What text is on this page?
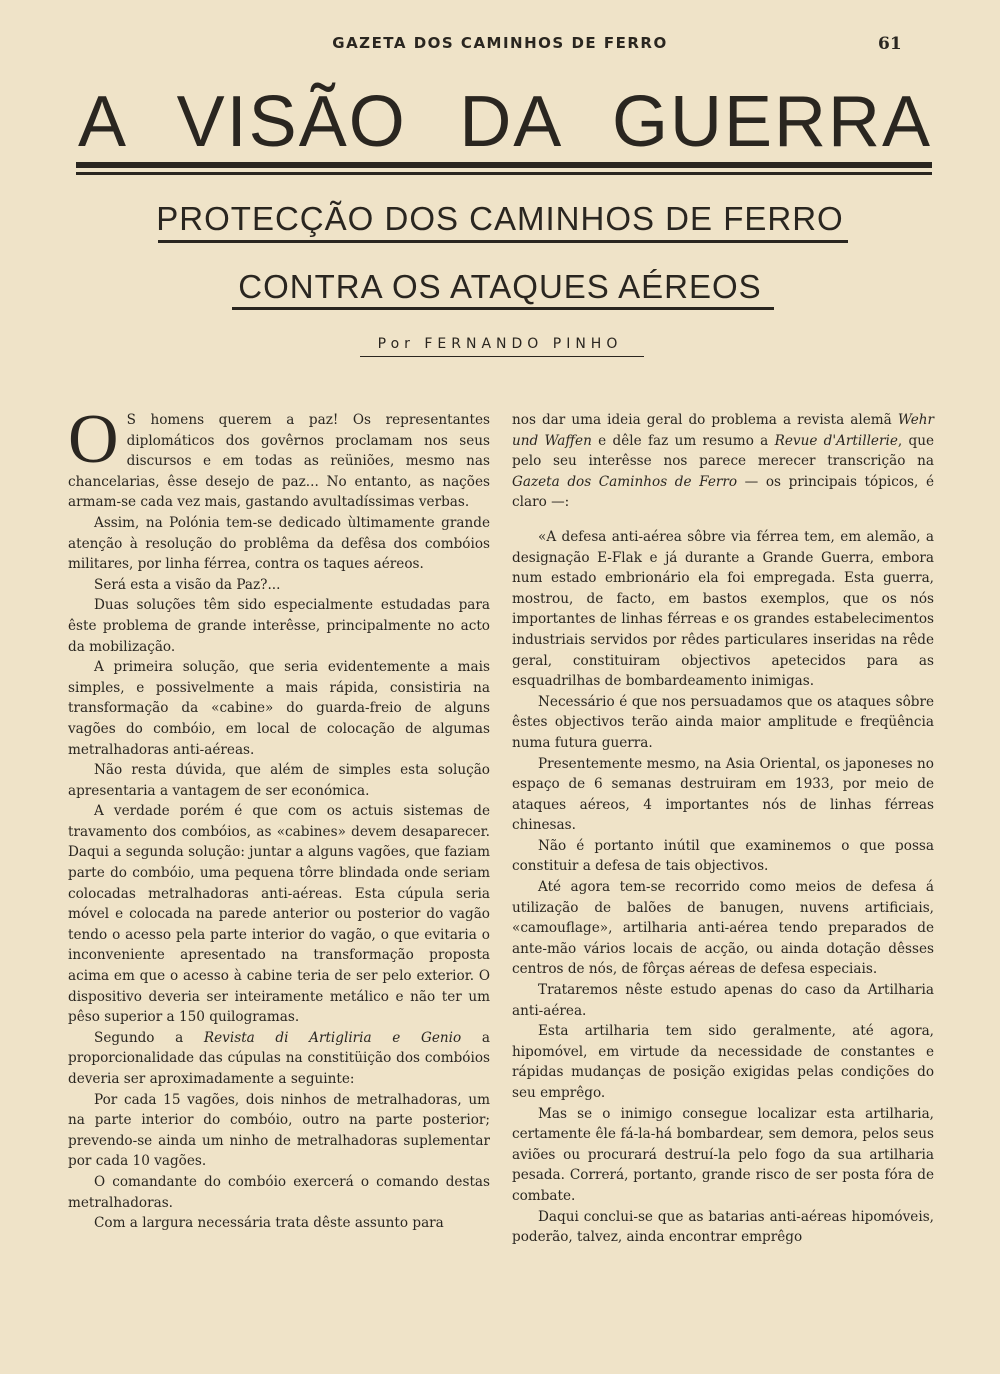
GAZETA DOS CAMINHOS DE FERRO	61
A VISÃO DA GUERRA
PROTECÇÃO DOS CAMINHOS DE FERRO
CONTRA OS ATAQUES AÉREOS
Por FERNANDO PINHO

O S homens querem a paz! Os representantes diplomáticos dos govêrnos proclamam nos seus discursos e em todas as reüniões, mesmo nas chancelarias, êsse desejo de paz... No entanto, as nações armam-se cada vez mais, gastando avultadíssimas verbas.

Assim, na Polónia tem-se dedicado ùltimamente grande atenção à resolução do problêma da defêsa dos combóios militares, por linha férrea, contra os taques aéreos.

Será esta a visão da Paz?...

Duas soluções têm sido especialmente estudadas para êste problema de grande interêsse, principalmente no acto da mobilização.

A primeira solução, que seria evidentemente a mais simples, e possivelmente a mais rápida, consistiria na transformação da «cabine» do guarda-freio de alguns vagões do combóio, em local de colocação de algumas metralhadoras anti-aéreas.

Não resta dúvida, que além de simples esta solução apresentaria a vantagem de ser económica.

A verdade porém é que com os actuis sistemas de travamento dos combóios, as «cabines» devem desaparecer. Daqui a segunda solução: juntar a alguns vagões, que faziam parte do combóio, uma pequena tôrre blindada onde seriam colocadas metralhadoras anti-aéreas. Esta cúpula seria móvel e colocada na parede anterior ou posterior do vagão tendo o acesso pela parte interior do vagão, o que evitaria o inconveniente apresentado na transformação proposta acima em que o acesso à cabine teria de ser pelo exterior. O dispositivo deveria ser inteiramente metálico e não ter um pêso superior a 150 quilogramas.

Segundo a Revista di Artigliria e Genio a proporcionalidade das cúpulas na constitüição dos combóios deveria ser aproximadamente a seguinte:

Por cada 15 vagões, dois ninhos de metralhadoras, um na parte interior do combóio, outro na parte posterior; prevendo-se ainda um ninho de metralhadoras suplementar por cada 10 vagões.

O comandante do combóio exercerá o comando destas metralhadoras.

Com a largura necessária trata dêste assunto para

nos dar uma ideia geral do problema a revista alemã Wehr und Waffen e dêle faz um resumo a Revue d'Artillerie, que pelo seu interêsse nos parece merecer transcrição na Gazeta dos Caminhos de Ferro — os principais tópicos, é claro —:

«A defesa anti-aérea sôbre via férrea tem, em alemão, a designação E-Flak e já durante a Grande Guerra, embora num estado embrionário ela foi empregada. Esta guerra, mostrou, de facto, em bastos exemplos, que os nós importantes de linhas férreas e os grandes estabelecimentos industriais servidos por rêdes particulares inseridas na rêde geral, constituiram objectivos apetecidos para as esquadrilhas de bombardeamento inimigas.

Necessário é que nos persuadamos que os ataques sôbre êstes objectivos terão ainda maior amplitude e freqüência numa futura guerra.

Presentemente mesmo, na Asia Oriental, os japoneses no espaço de 6 semanas destruiram em 1933, por meio de ataques aéreos, 4 importantes nós de linhas férreas chinesas.

Não é portanto inútil que examinemos o que possa constituir a defesa de tais objectivos.

Até agora tem-se recorrido como meios de defesa á utilização de balões de banugen, nuvens artificiais, «camouflage», artilharia anti-aérea tendo preparados de ante-mão vários locais de acção, ou ainda dotação dêsses centros de nós, de fôrças aéreas de defesa especiais.

Trataremos nêste estudo apenas do caso da Artilharia anti-aérea.

Esta artilharia tem sido geralmente, até agora, hipomóvel, em virtude da necessidade de constantes e rápidas mudanças de posição exigidas pelas condições do seu emprêgo.

Mas se o inimigo consegue localizar esta artilharia, certamente êle fá-la-há bombardear, sem demora, pelos seus aviões ou procurará destruí-la pelo fogo da sua artilharia pesada. Correrá, portanto, grande risco de ser posta fóra de combate.

Daqui conclui-se que as batarias anti-aéreas hipomóveis, poderão, talvez, ainda encontrar emprêgo
